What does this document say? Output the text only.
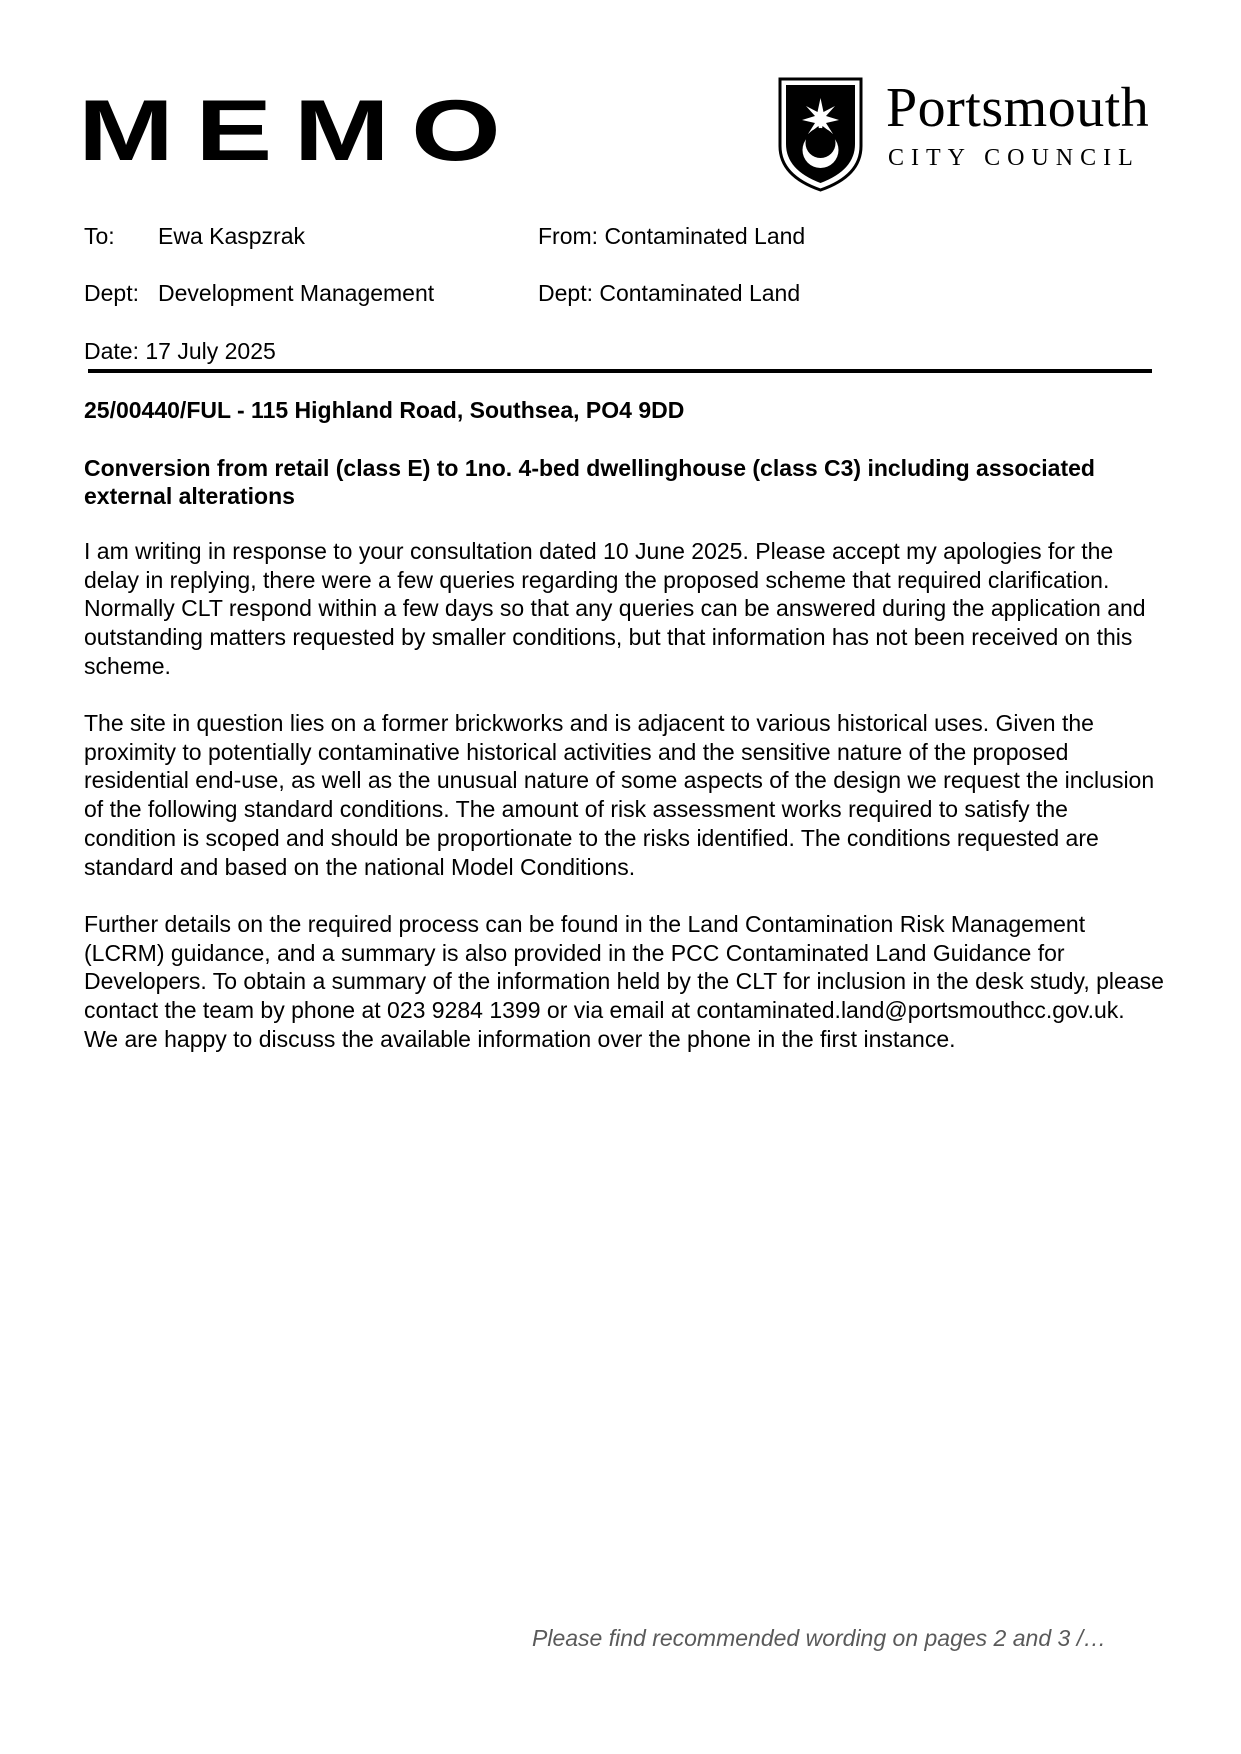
MEMO	Portsmouth
CITY COUNCIL
To: Ewa Kaspzrak	From: Contaminated Land
Dept: Development Management	Dept: Contaminated Land
Date: 17 July 2025
25/00440/FUL - 115 Highland Road, Southsea, PO4 9DD
Conversion from retail (class E) to 1no. 4-bed dwellinghouse (class C3) including associated external alterations

I am writing in response to your consultation dated 10 June 2025. Please accept my apologies for the delay in replying, there were a few queries regarding the proposed scheme that required clarification. Normally CLT respond within a few days so that any queries can be answered during the application and outstanding matters requested by smaller conditions, but that information has not been received on this scheme.

The site in question lies on a former brickworks and is adjacent to various historical uses. Given the proximity to potentially contaminative historical activities and the sensitive nature of the proposed residential end-use, as well as the unusual nature of some aspects of the design we request the inclusion of the following standard conditions. The amount of risk assessment works required to satisfy the condition is scoped and should be proportionate to the risks identified. The conditions requested are standard and based on the national Model Conditions.

Further details on the required process can be found in the Land Contamination Risk Management (LCRM) guidance, and a summary is also provided in the PCC Contaminated Land Guidance for Developers. To obtain a summary of the information held by the CLT for inclusion in the desk study, please contact the team by phone at 023 9284 1399 or via email at contaminated.land@portsmouthcc.gov.uk. We are happy to discuss the available information over the phone in the first instance.

Please find recommended wording on pages 2 and 3 /…
